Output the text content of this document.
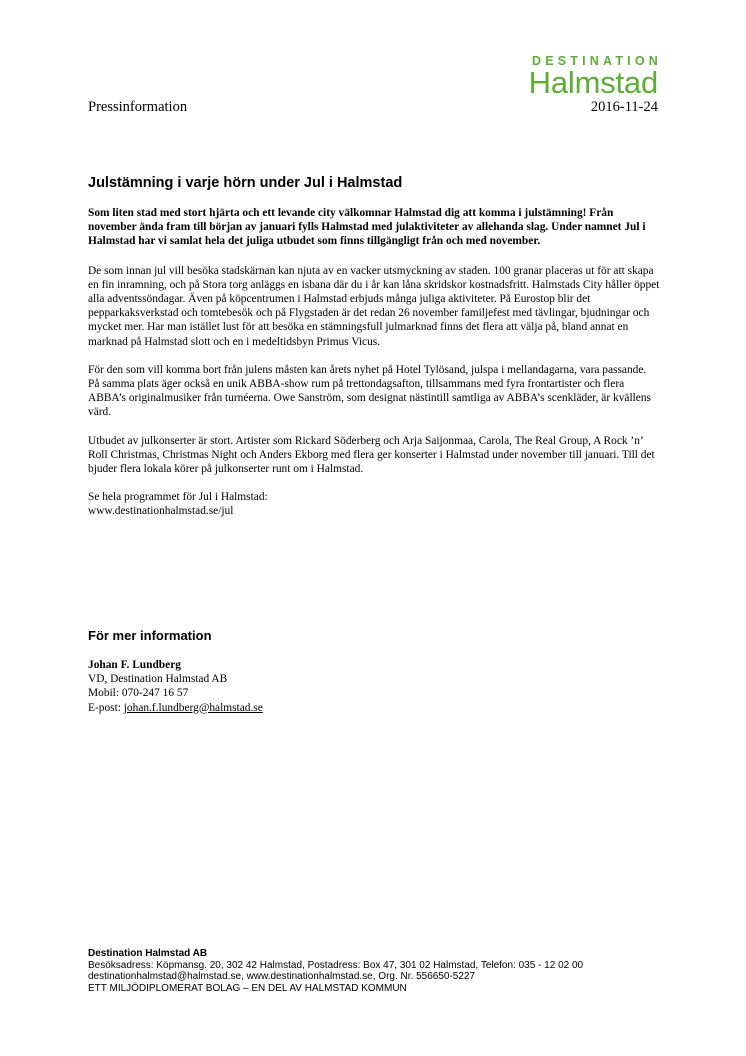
DESTINATION
Halmstad
Pressinformation	2016-11-24
Julstämning i varje hörn under Jul i Halmstad

Som liten stad med stort hjärta och ett levande city välkomnar Halmstad dig att komma i julstämning! Från november ända fram till början av januari fylls Halmstad med julaktiviteter av allehanda slag. Under namnet Jul i Halmstad har vi samlat hela det juliga utbudet som finns tillgängligt från och med november.

De som innan jul vill besöka stadskärnan kan njuta av en vacker utsmyckning av staden. 100 granar placeras ut för att skapa en fin inramning, och på Stora torg anläggs en isbana där du i år kan låna skridskor kostnadsfritt. Halmstads City håller öppet alla adventssöndagar. Även på köpcentrumen i Halmstad erbjuds många juliga aktiviteter. På Eurostop blir det pepparkaksverkstad och tomtebesök och på Flygstaden är det redan 26 november familjefest med tävlingar, bjudningar och mycket mer. Har man istället lust för att besöka en stämningsfull julmarknad finns det flera att välja på, bland annat en marknad på Halmstad slott och en i medeltidsbyn Primus Vicus.

För den som vill komma bort från julens måsten kan årets nyhet på Hotel Tylösand, julspa i mellandagarna, vara passande. På samma plats äger också en unik ABBA-show rum på trettondagsafton, tillsammans med fyra frontartister och flera ABBA’s originalmusiker från turnéerna. Owe Sanström, som designat nästintill samtliga av ABBA’s scenkläder, är kvällens värd.

Utbudet av julkonserter är stort. Artister som Rickard Söderberg och Arja Saijonmaa, Carola, The Real Group, A Rock ’n’ Roll Christmas, Christmas Night och Anders Ekborg med flera ger konserter i Halmstad under november till januari. Till det bjuder flera lokala körer på julkonserter runt om i Halmstad.

Se hela programmet för Jul i Halmstad:
www.destinationhalmstad.se/jul

För mer information

Johan F. Lundberg

VD, Destination Halmstad AB

Mobil: 070-247 16 57

E-post: johan.f.lundberg@halmstad.se

Destination Halmstad AB
Besöksadress: Köpmansg. 20, 302 42 Halmstad, Postadress: Box 47, 301 02 Halmstad, Telefon: 035 - 12 02 00
destinationhalmstad@halmstad.se, www.destinationhalmstad.se, Org. Nr. 556650-5227
ETT MILJÖDIPLOMERAT BOLAG – EN DEL AV HALMSTAD KOMMUN
